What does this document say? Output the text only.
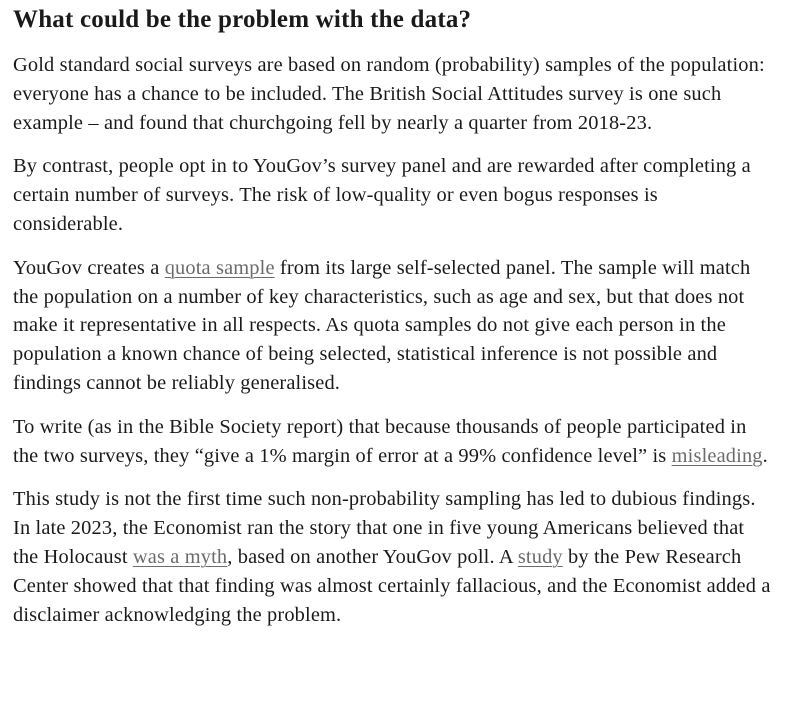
What could be the problem with the data?

Gold standard social surveys are based on random (probability) samples of the population: everyone has a chance to be included. The British Social Attitudes survey is one such example – and found that churchgoing fell by nearly a quarter from 2018-23.

By contrast, people opt in to YouGov’s survey panel and are rewarded after completing a certain number of surveys. The risk of low-quality or even bogus responses is considerable.

YouGov creates a quota sample from its large self-selected panel. The sample will match the population on a number of key characteristics, such as age and sex, but that does not make it representative in all respects. As quota samples do not give each person in the population a known chance of being selected, statistical inference is not possible and findings cannot be reliably generalised.

To write (as in the Bible Society report) that because thousands of people participated in the two surveys, they “give a 1% margin of error at a 99% confidence level” is misleading.

This study is not the first time such non-probability sampling has led to dubious findings. In late 2023, the Economist ran the story that one in five young Americans believed that the Holocaust was a myth, based on another YouGov poll. A study by the Pew Research Center showed that that finding was almost certainly fallacious, and the Economist added a disclaimer acknowledging the problem.
